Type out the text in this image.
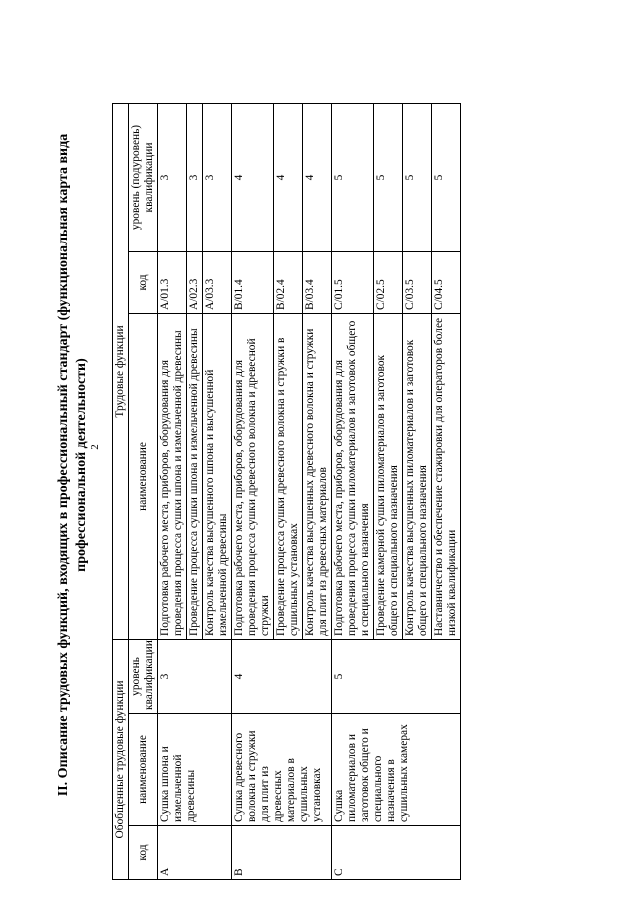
2
II. Описание трудовых функций, входящих в профессиональный стандарт (функциональная карта вида профессиональной деятельности)
Обобщенные трудовые функции			Трудовые функции		
код	наименование	уровень квалификации	наименование	код	уровень (подуровень) квалификации
A	Сушка шпона и измельченной древесины	3	Подготовка рабочего места, приборов, оборудования для проведения процесса сушки шпона и измельченной древесины	A/01.3	3
			Проведение процесса сушки шпона и измельченной древесины	A/02.3	3
			Контроль качества высушенного шпона и высушенной измельченной древесины	A/03.3	3
B	Сушка древесного волокна и стружки для плит из древесных материалов в сушильных установках	4	Подготовка рабочего места, приборов, оборудования для проведения процесса сушки древесного волокна и древесной стружки	B/01.4	4
			Проведение процесса сушки древесного волокна и стружки в сушильных установках	B/02.4	4
			Контроль качества высушенных древесного волокна и стружки для плит из древесных материалов	B/03.4	4
C	Сушка пиломатериалов и заготовок общего и специального назначения в сушильных камерах	5	Подготовка рабочего места, приборов, оборудования для проведения процесса сушки пиломатериалов и заготовок общего и специального назначения	C/01.5	5
			Проведение камерной сушки пиломатериалов и заготовок общего и специального назначения	C/02.5	5
			Контроль качества высушенных пиломатериалов и заготовок общего и специального назначения	C/03.5	5
			Наставничество и обеспечение стажировки для операторов более низкой квалификации	C/04.5	5
